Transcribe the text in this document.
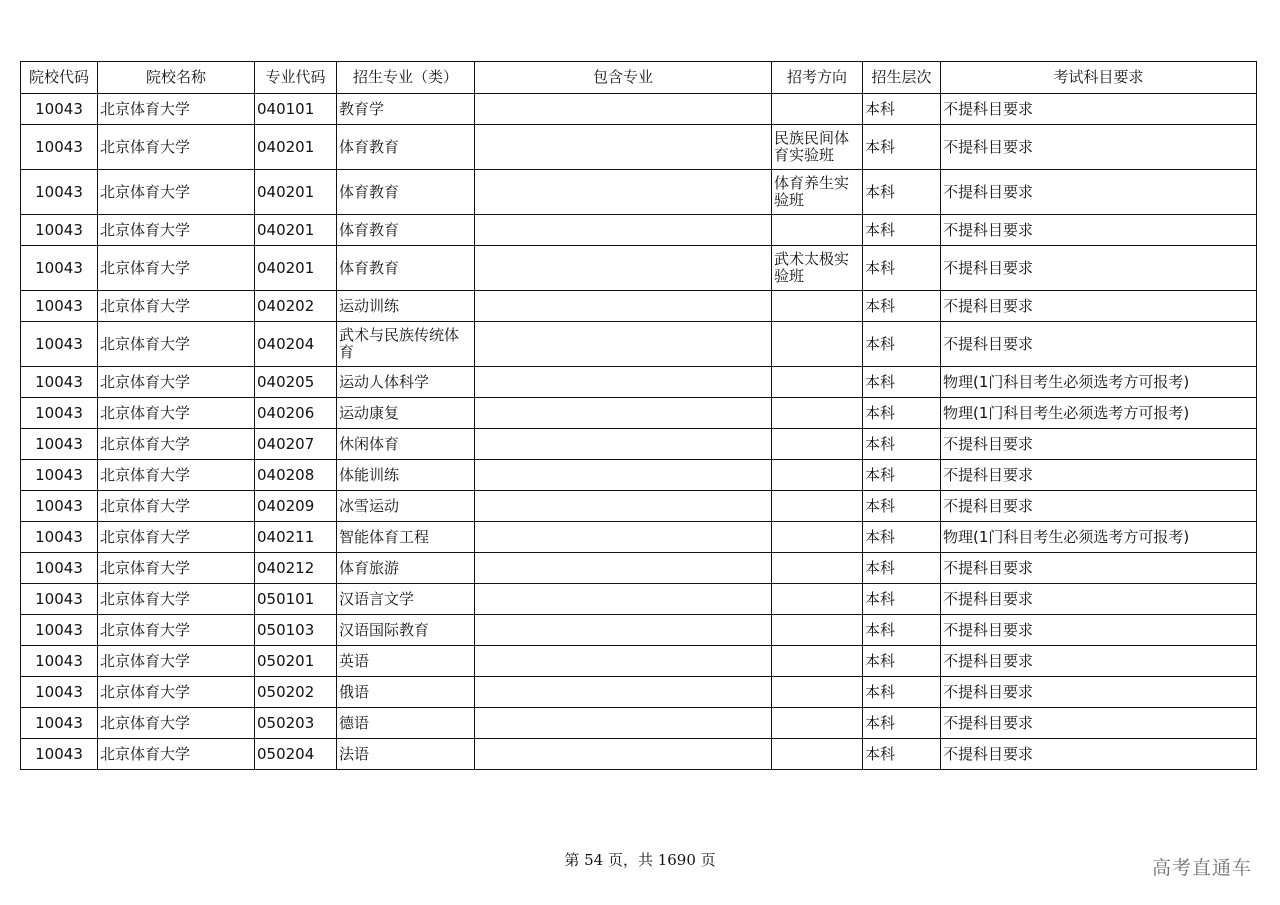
院校代码	院校名称	专业代码	招生专业（类）	包含专业	招考方向	招生层次	考试科目要求
10043	北京体育大学	040101	教育学			本科	不提科目要求
10043	北京体育大学	040201	体育教育		民族民间体育实验班	本科	不提科目要求
10043	北京体育大学	040201	体育教育		体育养生实验班	本科	不提科目要求
10043	北京体育大学	040201	体育教育			本科	不提科目要求
10043	北京体育大学	040201	体育教育		武术太极实验班	本科	不提科目要求
10043	北京体育大学	040202	运动训练			本科	不提科目要求
10043	北京体育大学	040204	武术与民族传统体育			本科	不提科目要求
10043	北京体育大学	040205	运动人体科学			本科	物理(1门科目考生必须选考方可报考)
10043	北京体育大学	040206	运动康复			本科	物理(1门科目考生必须选考方可报考)
10043	北京体育大学	040207	休闲体育			本科	不提科目要求
10043	北京体育大学	040208	体能训练			本科	不提科目要求
10043	北京体育大学	040209	冰雪运动			本科	不提科目要求
10043	北京体育大学	040211	智能体育工程			本科	物理(1门科目考生必须选考方可报考)
10043	北京体育大学	040212	体育旅游			本科	不提科目要求
10043	北京体育大学	050101	汉语言文学			本科	不提科目要求
10043	北京体育大学	050103	汉语国际教育			本科	不提科目要求
10043	北京体育大学	050201	英语			本科	不提科目要求
10043	北京体育大学	050202	俄语			本科	不提科目要求
10043	北京体育大学	050203	德语			本科	不提科目要求
10043	北京体育大学	050204	法语			本科	不提科目要求
第 54 页，共 1690 页	高考直通车
